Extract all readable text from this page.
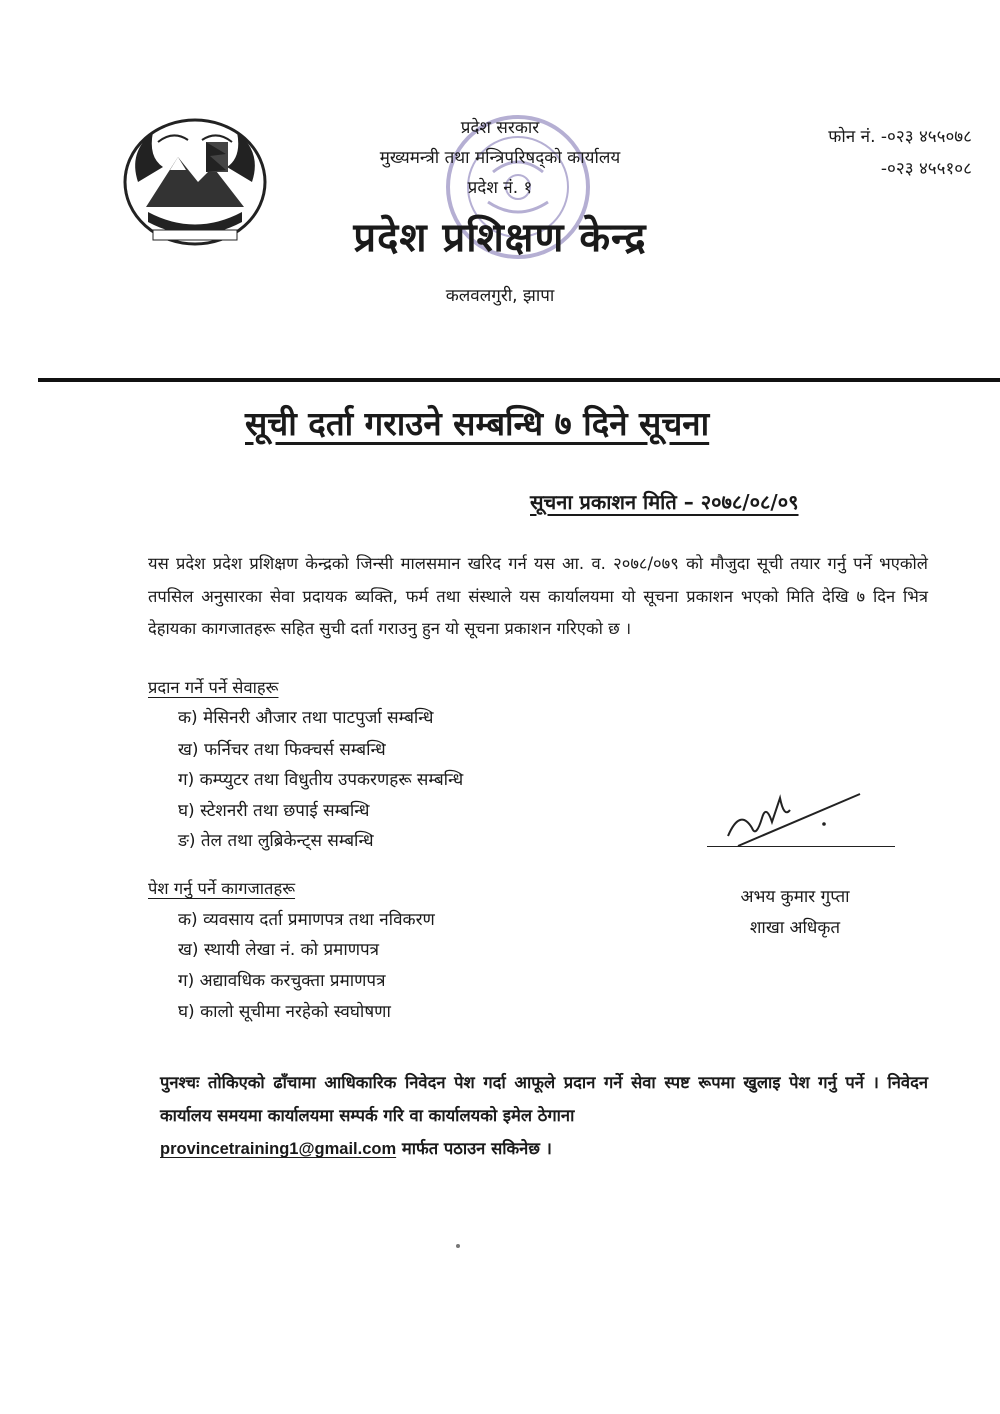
प्रदेश सरकार
मुख्यमन्त्री तथा मन्त्रिपरिषद्को कार्यालय
प्रदेश नं. १
प्रदेश प्रशिक्षण केन्द्र
कलवलगुरी, झापा
फोन नं. -०२३ ४५५०७८
-०२३ ४५५१०८
सूची दर्ता गराउने सम्बन्धि ७ दिने सूचना
सूचना प्रकाशन मिति – २०७८/०८/०९
यस प्रदेश प्रदेश प्रशिक्षण केन्द्रको जिन्सी मालसमान खरिद गर्न यस आ. व. २०७८/०७९ को मौजुदा सूची तयार गर्नु पर्ने भएकोले तपसिल अनुसारका सेवा प्रदायक ब्यक्ति, फर्म तथा संस्थाले यस कार्यालयमा यो सूचना प्रकाशन भएको मिति देखि ७ दिन भित्र देहायका कागजातहरू सहित सुची दर्ता गराउनु हुन यो सूचना प्रकाशन गरिएको छ ।
प्रदान गर्ने पर्ने सेवाहरू
क) मेसिनरी औजार तथा पाटपुर्जा सम्बन्धि
ख) फर्निचर तथा फिक्चर्स सम्बन्धि
ग) कम्प्युटर तथा विधुतीय उपकरणहरू सम्बन्धि
घ) स्टेशनरी तथा छपाई सम्बन्धि
ङ) तेल तथा लुब्रिकेन्ट्स सम्बन्धि
पेश गर्नु पर्ने कागजातहरू
क) व्यवसाय दर्ता प्रमाणपत्र तथा नविकरण
ख) स्थायी लेखा नं. को प्रमाणपत्र
ग) अद्यावधिक करचुक्ता प्रमाणपत्र
घ) कालो सूचीमा नरहेको स्वघोषणा
अभय कुमार गुप्ता
शाखा अधिकृत
पुनश्चः तोकिएको ढाँचामा आधिकारिक निवेदन पेश गर्दा आफूले प्रदान गर्ने सेवा स्पष्ट रूपमा खुलाइ पेश गर्नु पर्ने । निवेदन कार्यालय समयमा कार्यालयमा सम्पर्क गरि वा कार्यालयको इमेल ठेगाना
provincetraining1@gmail.com मार्फत पठाउन सकिनेछ ।
